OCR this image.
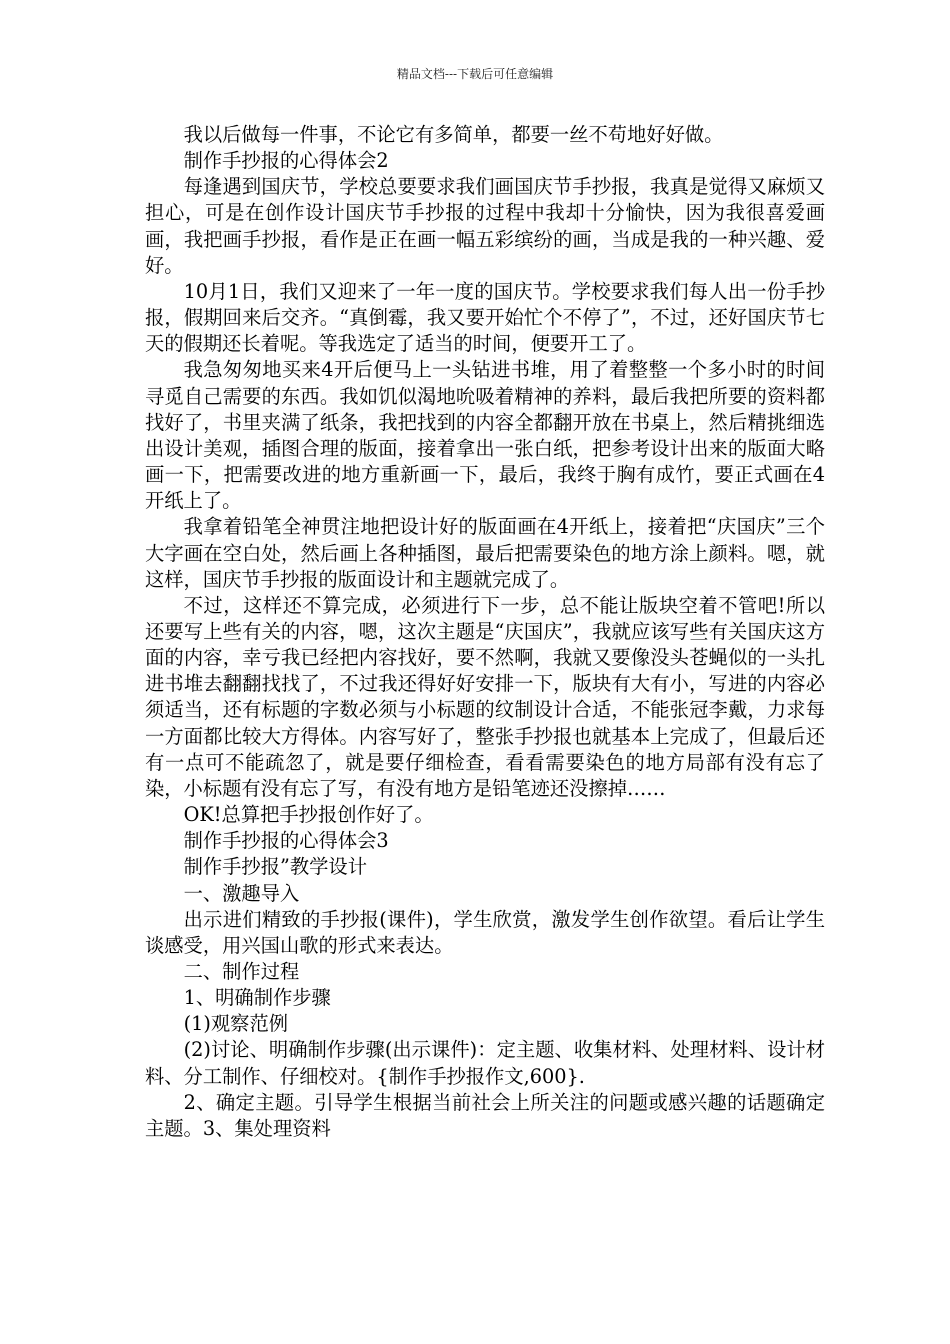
精品文档---下载后可任意编辑

我以后做每一件事，不论它有多简单，都要一丝不苟地好好做。

制作手抄报的心得体会2

每逢遇到国庆节，学校总要要求我们画国庆节手抄报，我真是觉得又麻烦又担心，可是在创作设计国庆节手抄报的过程中我却十分愉快，因为我很喜爱画画，我把画手抄报，看作是正在画一幅五彩缤纷的画，当成是我的一种兴趣、爱好。

10月1日，我们又迎来了一年一度的国庆节。学校要求我们每人出一份手抄报，假期回来后交齐。“真倒霉，我又要开始忙个不停了”，不过，还好国庆节七天的假期还长着呢。等我选定了适当的时间，便要开工了。

我急匆匆地买来4开后便马上一头钻进书堆，用了着整整一个多小时的时间寻觅自己需要的东西。我如饥似渴地吮吸着精神的养料，最后我把所要的资料都找好了，书里夹满了纸条，我把找到的内容全都翻开放在书桌上，然后精挑细选出设计美观，插图合理的版面，接着拿出一张白纸，把参考设计出来的版面大略画一下，把需要改进的地方重新画一下，最后，我终于胸有成竹，要正式画在4开纸上了。

我拿着铅笔全神贯注地把设计好的版面画在4开纸上，接着把“庆国庆”三个大字画在空白处，然后画上各种插图，最后把需要染色的地方涂上颜料。嗯，就这样，国庆节手抄报的版面设计和主题就完成了。

不过，这样还不算完成，必须进行下一步，总不能让版块空着不管吧!所以还要写上些有关的内容，嗯，这次主题是“庆国庆”，我就应该写些有关国庆这方面的内容，幸亏我已经把内容找好，要不然啊，我就又要像没头苍蝇似的一头扎进书堆去翻翻找找了，不过我还得好好安排一下，版块有大有小，写进的内容必须适当，还有标题的字数必须与小标题的纹制设计合适，不能张冠李戴，力求每一方面都比较大方得体。内容写好了，整张手抄报也就基本上完成了，但最后还有一点可不能疏忽了，就是要仔细检查，看看需要染色的地方局部有没有忘了染，小标题有没有忘了写，有没有地方是铅笔迹还没擦掉……

OK!总算把手抄报创作好了。

制作手抄报的心得体会3

制作手抄报”教学设计

一、激趣导入

出示进们精致的手抄报(课件)，学生欣赏，激发学生创作欲望。看后让学生谈感受，用兴国山歌的形式来表达。

二、制作过程

1、明确制作步骤

(1)观察范例

(2)讨论、明确制作步骤(出示课件)：定主题、收集材料、处理材料、设计材料、分工制作、仔细校对。{制作手抄报作文,600}.

2、确定主题。引导学生根据当前社会上所关注的问题或感兴趣的话题确定主题。3、集处理资料
